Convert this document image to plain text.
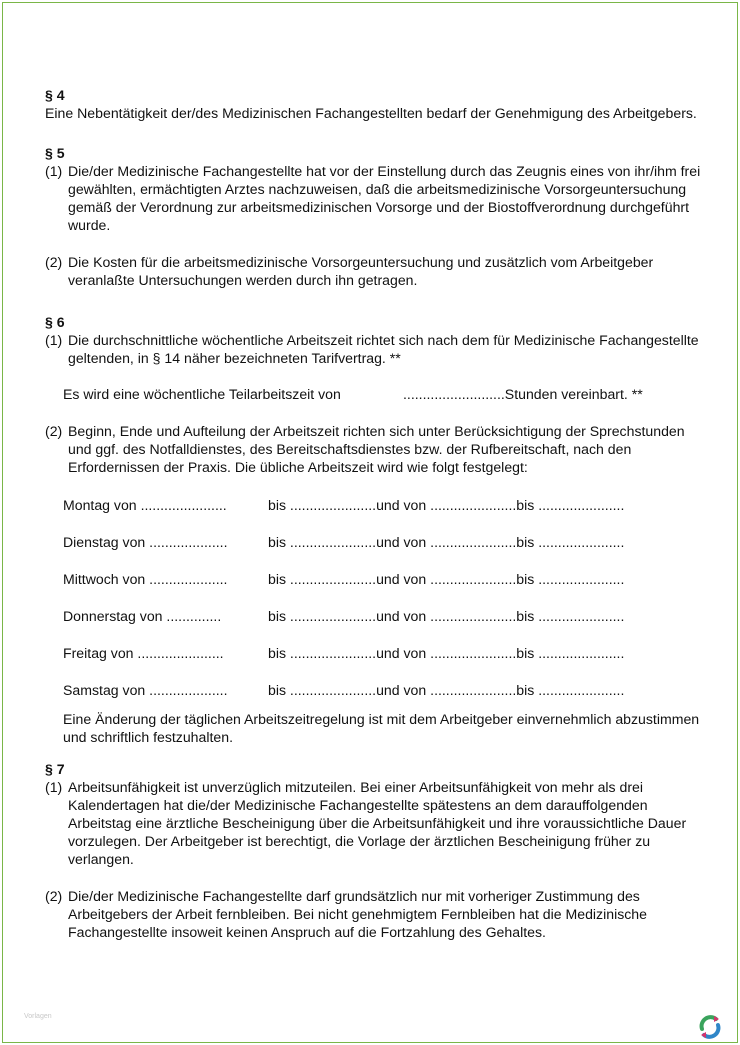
§ 4

Eine Nebentätigkeit der/des Medizinischen Fachangestellten bedarf der Genehmigung des Arbeitgebers.

§ 5

(1) Die/der Medizinische Fachangestellte hat vor der Einstellung durch das Zeugnis eines von ihr/ihm frei gewählten, ermächtigten Arztes nachzuweisen, daß die arbeitsmedizinische Vorsorgeuntersuchung gemäß der Verordnung zur arbeitsmedizinischen Vorsorge und der Biostoffverordnung durchgeführt wurde.
(2) Die Kosten für die arbeitsmedizinische Vorsorgeuntersuchung und zusätzlich vom Arbeitgeber veranlaßte Untersuchungen werden durch ihn getragen.

§ 6

(1) Die durchschnittliche wöchentliche Arbeitszeit richtet sich nach dem für Medizinische Fachangestellte geltenden, in § 14 näher bezeichneten Tarifvertrag. **
Es wird eine wöchentliche Teilarbeitszeit von	..........................Stunden vereinbart. **
(2) Beginn, Ende und Aufteilung der Arbeitszeit richten sich unter Berücksichtigung der Sprechstunden und ggf. des Notfalldienstes, des Bereitschaftsdienstes bzw. der Rufbereitschaft, nach den Erfordernissen der Praxis. Die übliche Arbeitszeit wird wie folgt festgelegt:
Montag von ......................	bis ......................und von ......................bis ......................
Dienstag von ....................	bis ......................und von ......................bis ......................
Mittwoch von ....................	bis ......................und von ......................bis ......................
Donnerstag von ..............	bis ......................und von ......................bis ......................
Freitag von ......................	bis ......................und von ......................bis ......................
Samstag von ....................	bis ......................und von ......................bis ......................

Eine Änderung der täglichen Arbeitszeitregelung ist mit dem Arbeitgeber einvernehmlich abzustimmen und schriftlich festzuhalten.

§ 7

(1) Arbeitsunfähigkeit ist unverzüglich mitzuteilen. Bei einer Arbeitsunfähigkeit von mehr als drei Kalendertagen hat die/der Medizinische Fachangestellte spätestens an dem darauffolgenden Arbeitstag eine ärztliche Bescheinigung über die Arbeitsunfähigkeit und ihre voraussichtliche Dauer vorzulegen. Der Arbeitgeber ist berechtigt, die Vorlage der ärztlichen Bescheinigung früher zu verlangen.
(2) Die/der Medizinische Fachangestellte darf grundsätzlich nur mit vorheriger Zustimmung des Arbeitgebers der Arbeit fernbleiben. Bei nicht genehmigtem Fernbleiben hat die Medizinische Fachangestellte insoweit keinen Anspruch auf die Fortzahlung des Gehaltes.
Vorlagen
